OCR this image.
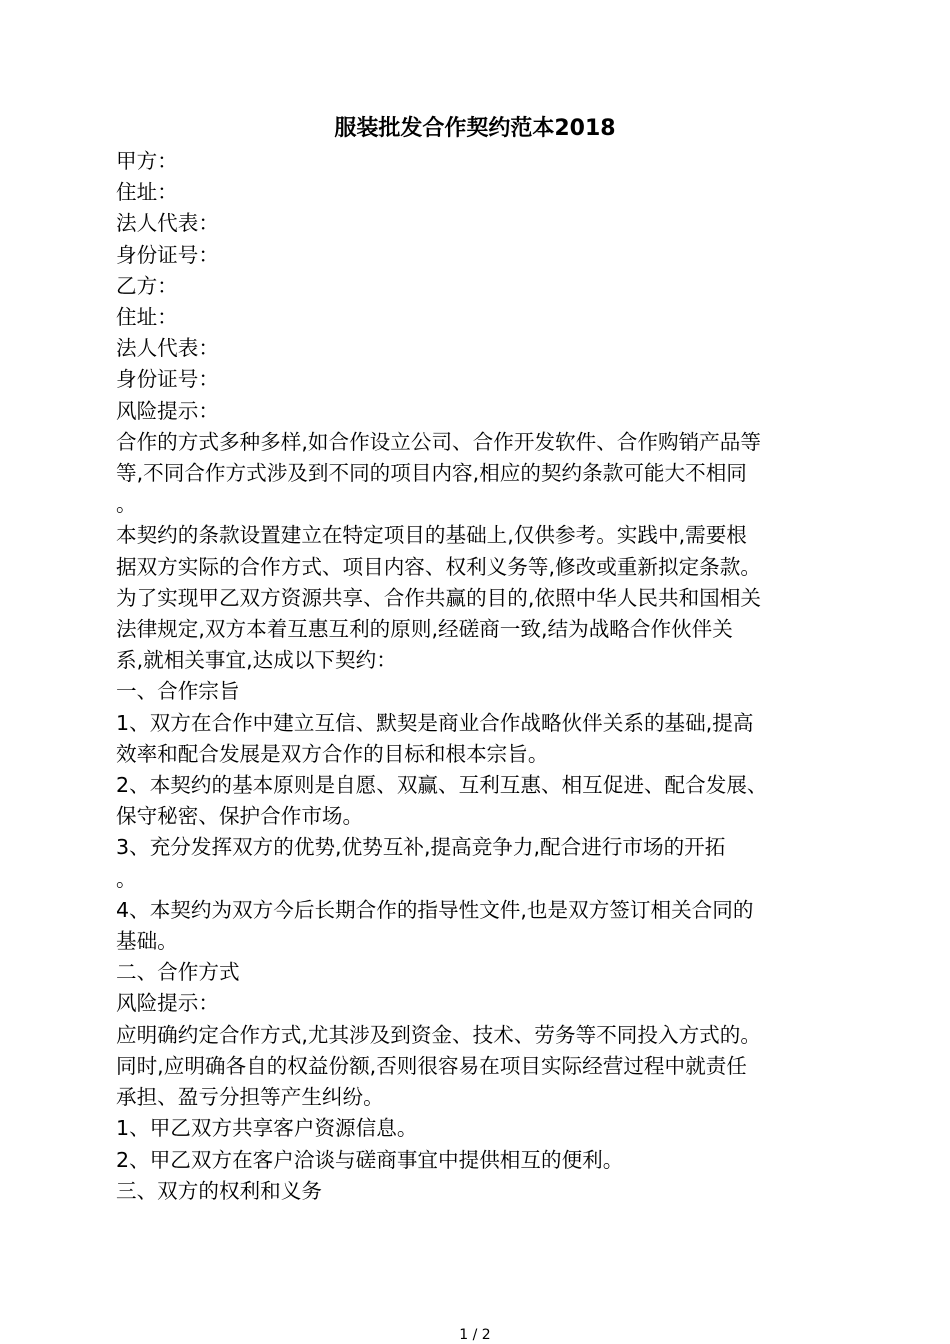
服装批发合作契约范本2018

甲方：

住址：

法人代表：

身份证号：

乙方：

住址：

法人代表：

身份证号：

风险提示：

合作的方式多种多样,如合作设立公司、合作开发软件、合作购销产品等

等,不同合作方式涉及到不同的项目内容,相应的契约条款可能大不相同

。

本契约的条款设置建立在特定项目的基础上,仅供参考。实践中,需要根

据双方实际的合作方式、项目内容、权利义务等,修改或重新拟定条款。

为了实现甲乙双方资源共享、合作共赢的目的,依照中华人民共和国相关

法律规定,双方本着互惠互利的原则,经磋商一致,结为战略合作伙伴关

系,就相关事宜,达成以下契约：

一、合作宗旨

1、双方在合作中建立互信、默契是商业合作战略伙伴关系的基础,提高

效率和配合发展是双方合作的目标和根本宗旨。

2、本契约的基本原则是自愿、双赢、互利互惠、相互促进、配合发展、

保守秘密、保护合作市场。

3、充分发挥双方的优势,优势互补,提高竞争力,配合进行市场的开拓

。

4、本契约为双方今后长期合作的指导性文件,也是双方签订相关合同的

基础。

二、合作方式

风险提示：

应明确约定合作方式,尤其涉及到资金、技术、劳务等不同投入方式的。

同时,应明确各自的权益份额,否则很容易在项目实际经营过程中就责任

承担、盈亏分担等产生纠纷。

1、甲乙双方共享客户资源信息。

2、甲乙双方在客户洽谈与磋商事宜中提供相互的便利。

三、双方的权利和义务

1 / 2
